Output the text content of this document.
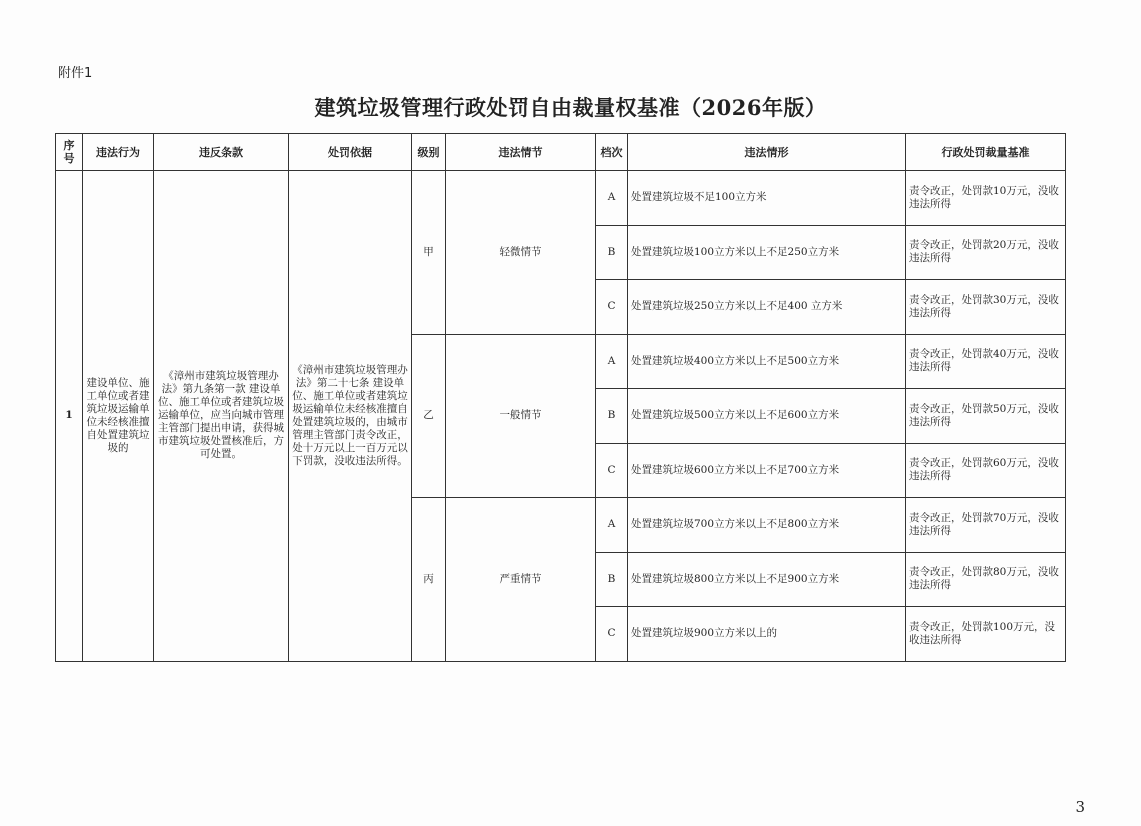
附件1
建筑垃圾管理行政处罚自由裁量权基准（2026年版）
序号	违法行为	违反条款	处罚依据	级别	违法情节	档次	违法情形	行政处罚裁量基准
1	建设单位、施工单位或者建筑垃圾运输单位未经核准擅自处置建筑垃圾的	《漳州市建筑垃圾管理办法》第九条第一款 建设单位、施工单位或者建筑垃圾运输单位，应当向城市管理主管部门提出申请，获得城市建筑垃圾处置核准后，方可处置。	《漳州市建筑垃圾管理办法》第二十七条 建设单位、施工单位或者建筑垃圾运输单位未经核准擅自处置建筑垃圾的，由城市管理主管部门责令改正，处十万元以上一百万元以下罚款，没收违法所得。	甲	轻微情节	A	处置建筑垃圾不足100立方米	责令改正，处罚款10万元，没收违法所得
						B	处置建筑垃圾100立方米以上不足250立方米	责令改正，处罚款20万元，没收违法所得
						C	处置建筑垃圾250立方米以上不足400 立方米	责令改正，处罚款30万元，没收违法所得
				乙	一般情节	A	处置建筑垃圾400立方米以上不足500立方米	责令改正，处罚款40万元，没收违法所得
						B	处置建筑垃圾500立方米以上不足600立方米	责令改正，处罚款50万元，没收违法所得
						C	处置建筑垃圾600立方米以上不足700立方米	责令改正，处罚款60万元，没收违法所得
				丙	严重情节	A	处置建筑垃圾700立方米以上不足800立方米	责令改正，处罚款70万元，没收违法所得
						B	处置建筑垃圾800立方米以上不足900立方米	责令改正，处罚款80万元，没收违法所得
						C	处置建筑垃圾900立方米以上的	责令改正，处罚款100万元，没收违法所得
3
